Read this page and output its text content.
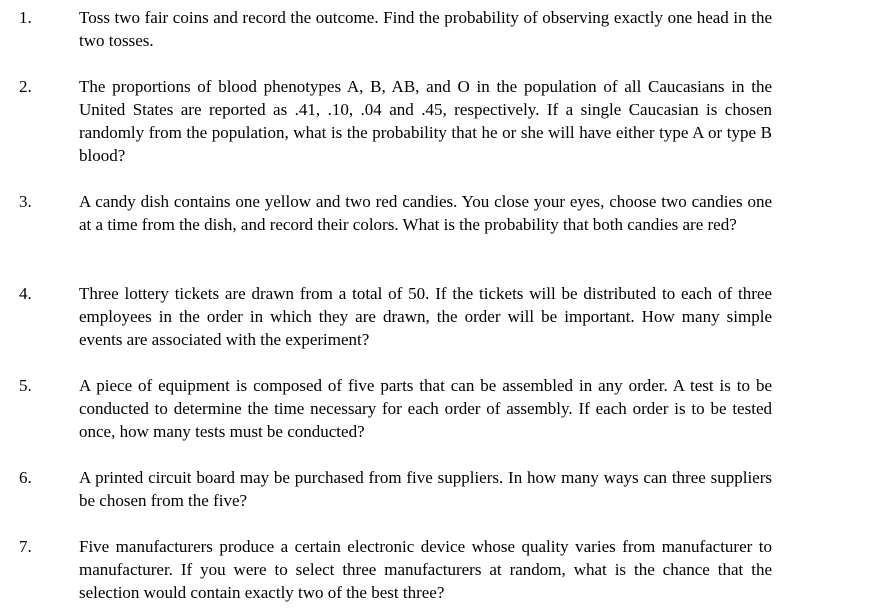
1.	Toss two fair coins and record the outcome. Find the probability of observing exactly one head in the two tosses.
2.	The proportions of blood phenotypes A, B, AB, and O in the population of all Caucasians in the United States are reported as .41, .10, .04 and .45, respectively. If a single Caucasian is chosen randomly from the population, what is the probability that he or she will have either type A or type B blood?
3.	A candy dish contains one yellow and two red candies. You close your eyes, choose two candies one at a time from the dish, and record their colors. What is the probability that both candies are red?
4.	Three lottery tickets are drawn from a total of 50. If the tickets will be distributed to each of three employees in the order in which they are drawn, the order will be important. How many simple events are associated with the experiment?
5.	A piece of equipment is composed of five parts that can be assembled in any order. A test is to be conducted to determine the time necessary for each order of assembly. If each order is to be tested once, how many tests must be conducted?
6.	A printed circuit board may be purchased from five suppliers. In how many ways can three suppliers be chosen from the five?
7.	Five manufacturers produce a certain electronic device whose quality varies from manufacturer to manufacturer. If you were to select three manufacturers at random, what is the chance that the selection would contain exactly two of the best three?
